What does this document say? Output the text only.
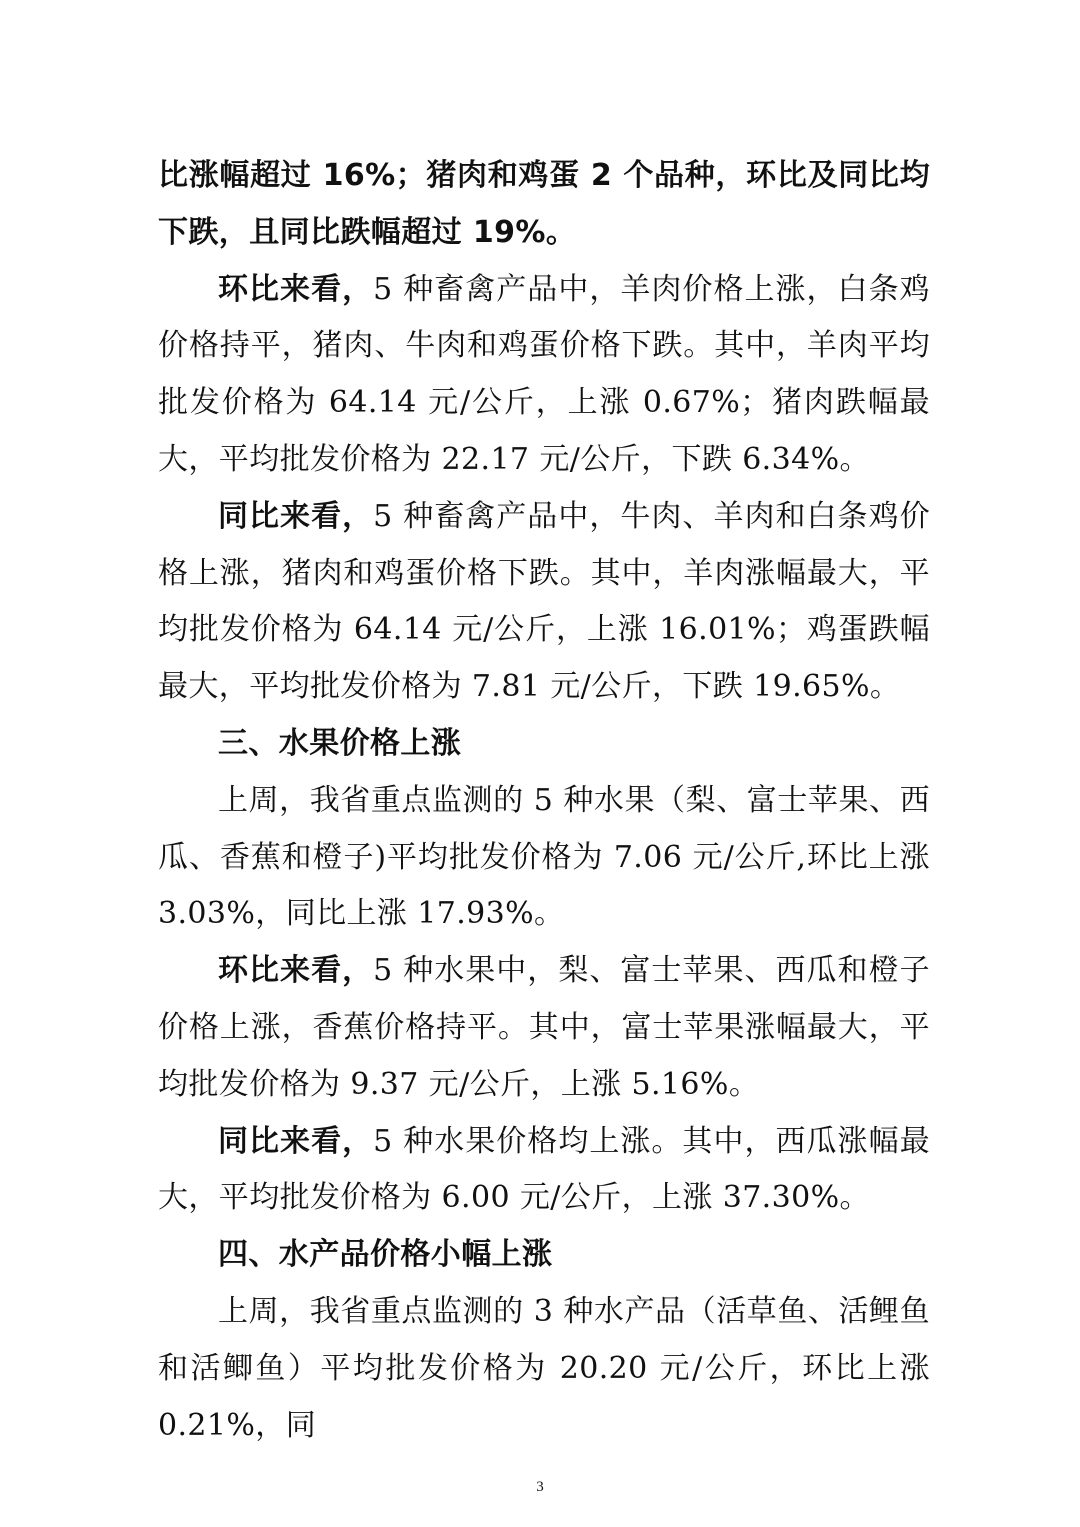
比涨幅超过 16%；猪肉和鸡蛋 2 个品种，环比及同比均下跌，且同比跌幅超过 19%。

环比来看，5 种畜禽产品中，羊肉价格上涨，白条鸡价格持平，猪肉、牛肉和鸡蛋价格下跌。其中，羊肉平均批发价格为 64.14 元/公斤，上涨 0.67%；猪肉跌幅最大，平均批发价格为 22.17 元/公斤，下跌 6.34%。

同比来看，5 种畜禽产品中，牛肉、羊肉和白条鸡价格上涨，猪肉和鸡蛋价格下跌。其中，羊肉涨幅最大，平均批发价格为 64.14 元/公斤，上涨 16.01%；鸡蛋跌幅最大，平均批发价格为 7.81 元/公斤，下跌 19.65%。

三、水果价格上涨

上周，我省重点监测的 5 种水果（梨、富士苹果、西瓜、香蕉和橙子)平均批发价格为 7.06 元/公斤,环比上涨 3.03%，同比上涨 17.93%。

环比来看，5 种水果中，梨、富士苹果、西瓜和橙子价格上涨，香蕉价格持平。其中，富士苹果涨幅最大，平均批发价格为 9.37 元/公斤，上涨 5.16%。

同比来看，5 种水果价格均上涨。其中，西瓜涨幅最大，平均批发价格为 6.00 元/公斤，上涨 37.30%。

四、水产品价格小幅上涨

上周，我省重点监测的 3 种水产品（活草鱼、活鲤鱼和活鲫鱼）平均批发价格为 20.20 元/公斤，环比上涨 0.21%，同

3
